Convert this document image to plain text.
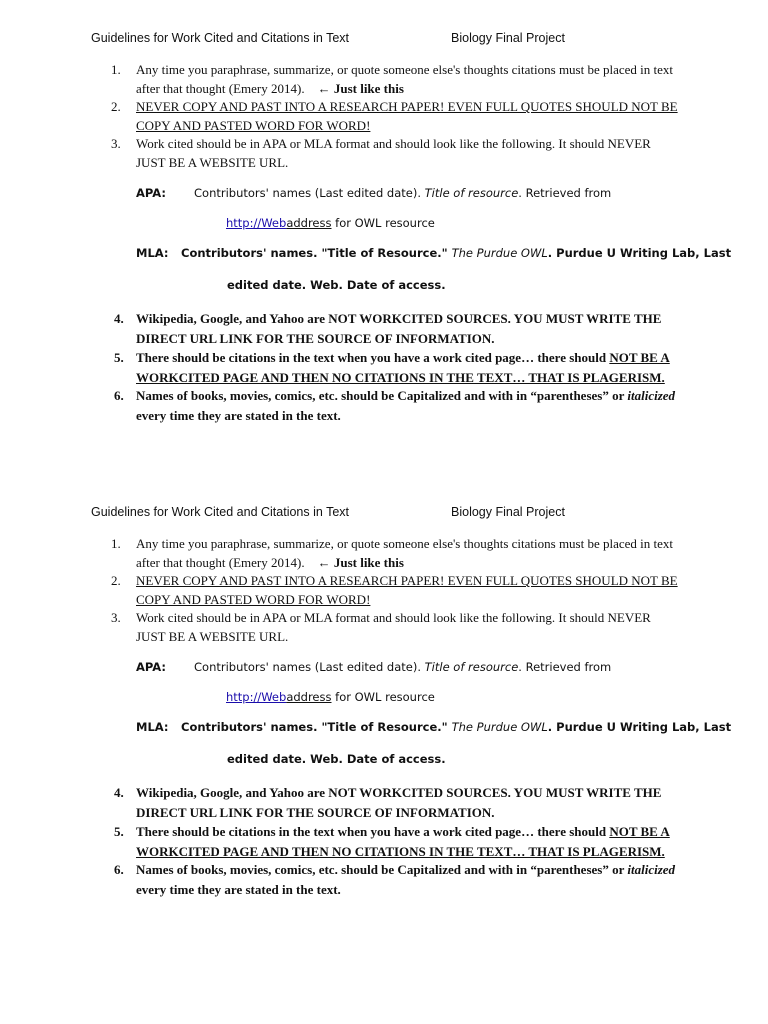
Guidelines for Work Cited and Citations in Text	Biology Final Project
1. Any time you paraphrase, summarize, or quote someone else's thoughts citations must be placed in text after that thought (Emery 2014). ← Just like this
2. NEVER COPY AND PAST INTO A RESEARCH PAPER! EVEN FULL QUOTES SHOULD NOT BE COPY AND PASTED WORD FOR WORD!
3. Work cited should be in APA or MLA format and should look like the following. It should NEVER JUST BE A WEBSITE URL.
APA: Contributors' names (Last edited date). Title of resource. Retrieved from
http://Webaddress for OWL resource
MLA: Contributors' names. "Title of Resource." The Purdue OWL. Purdue U Writing Lab, Last
edited date. Web. Date of access.
4. Wikipedia, Google, and Yahoo are NOT WORKCITED SOURCES. YOU MUST WRITE THE DIRECT URL LINK FOR THE SOURCE OF INFORMATION.
5. There should be citations in the text when you have a work cited page… there should NOT BE A WORKCITED PAGE AND THEN NO CITATIONS IN THE TEXT… THAT IS PLAGERISM.
6. Names of books, movies, comics, etc. should be Capitalized and with in “parentheses” or italicized every time they are stated in the text.
Guidelines for Work Cited and Citations in Text	Biology Final Project
1. Any time you paraphrase, summarize, or quote someone else's thoughts citations must be placed in text after that thought (Emery 2014). ← Just like this
2. NEVER COPY AND PAST INTO A RESEARCH PAPER! EVEN FULL QUOTES SHOULD NOT BE COPY AND PASTED WORD FOR WORD!
3. Work cited should be in APA or MLA format and should look like the following. It should NEVER JUST BE A WEBSITE URL.
APA: Contributors' names (Last edited date). Title of resource. Retrieved from
http://Webaddress for OWL resource
MLA: Contributors' names. "Title of Resource." The Purdue OWL. Purdue U Writing Lab, Last
edited date. Web. Date of access.
4. Wikipedia, Google, and Yahoo are NOT WORKCITED SOURCES. YOU MUST WRITE THE DIRECT URL LINK FOR THE SOURCE OF INFORMATION.
5. There should be citations in the text when you have a work cited page… there should NOT BE A WORKCITED PAGE AND THEN NO CITATIONS IN THE TEXT… THAT IS PLAGERISM.
6. Names of books, movies, comics, etc. should be Capitalized and with in “parentheses” or italicized every time they are stated in the text.
